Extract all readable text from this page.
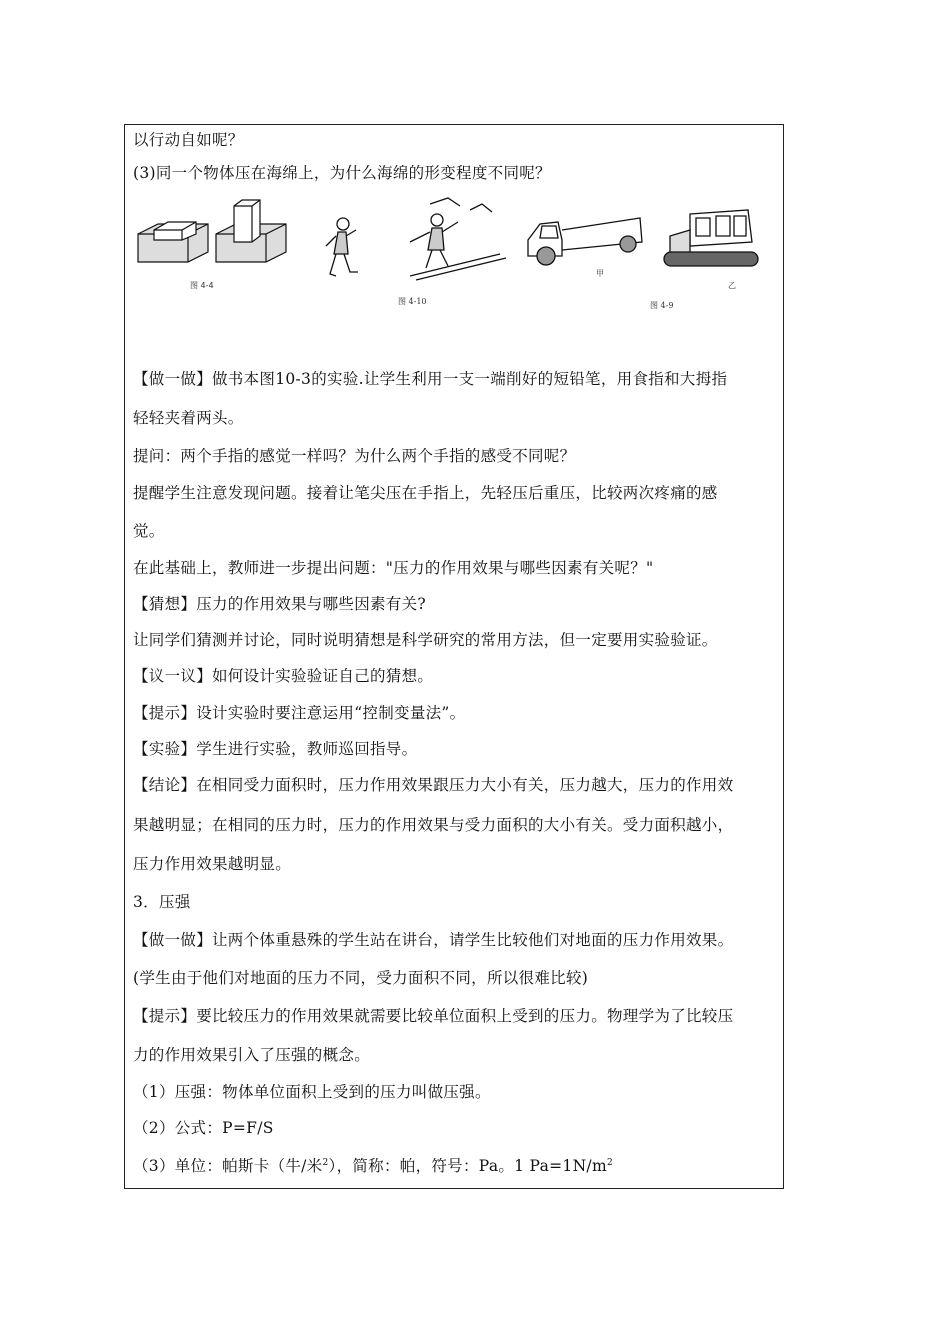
以行动自如呢？
(3)同一个物体压在海绵上，为什么海绵的形变程度不同呢？
图 4-4
图 4-10
甲
图 4-9
乙
【做一做】做书本图10-3的实验.让学生利用一支一端削好的短铅笔，用食指和大拇指
轻轻夹着两头。
提问：两个手指的感觉一样吗？为什么两个手指的感受不同呢？
提醒学生注意发现问题。接着让笔尖压在手指上，先轻压后重压，比较两次疼痛的感
觉。
在此基础上，教师进一步提出问题："压力的作用效果与哪些因素有关呢？"
【猜想】压力的作用效果与哪些因素有关?
让同学们猜测并讨论，同时说明猜想是科学研究的常用方法，但一定要用实验验证。
【议一议】如何设计实验验证自己的猜想。
【提示】设计实验时要注意运用“控制变量法”。
【实验】学生进行实验，教师巡回指导。
【结论】在相同受力面积时，压力作用效果跟压力大小有关，压力越大，压力的作用效
果越明显；在相同的压力时，压力的作用效果与受力面积的大小有关。受力面积越小，
压力作用效果越明显。
3．压强
【做一做】让两个体重悬殊的学生站在讲台，请学生比较他们对地面的压力作用效果。
(学生由于他们对地面的压力不同，受力面积不同，所以很难比较)
【提示】要比较压力的作用效果就需要比较单位面积上受到的压力。物理学为了比较压
力的作用效果引入了压强的概念。
（1）压强：物体单位面积上受到的压力叫做压强。
（2）公式：P=F/S
（3）单位：帕斯卡（牛/米$^2$），简称：帕，符号：Pa。1 $Pa=1N/m^2$
